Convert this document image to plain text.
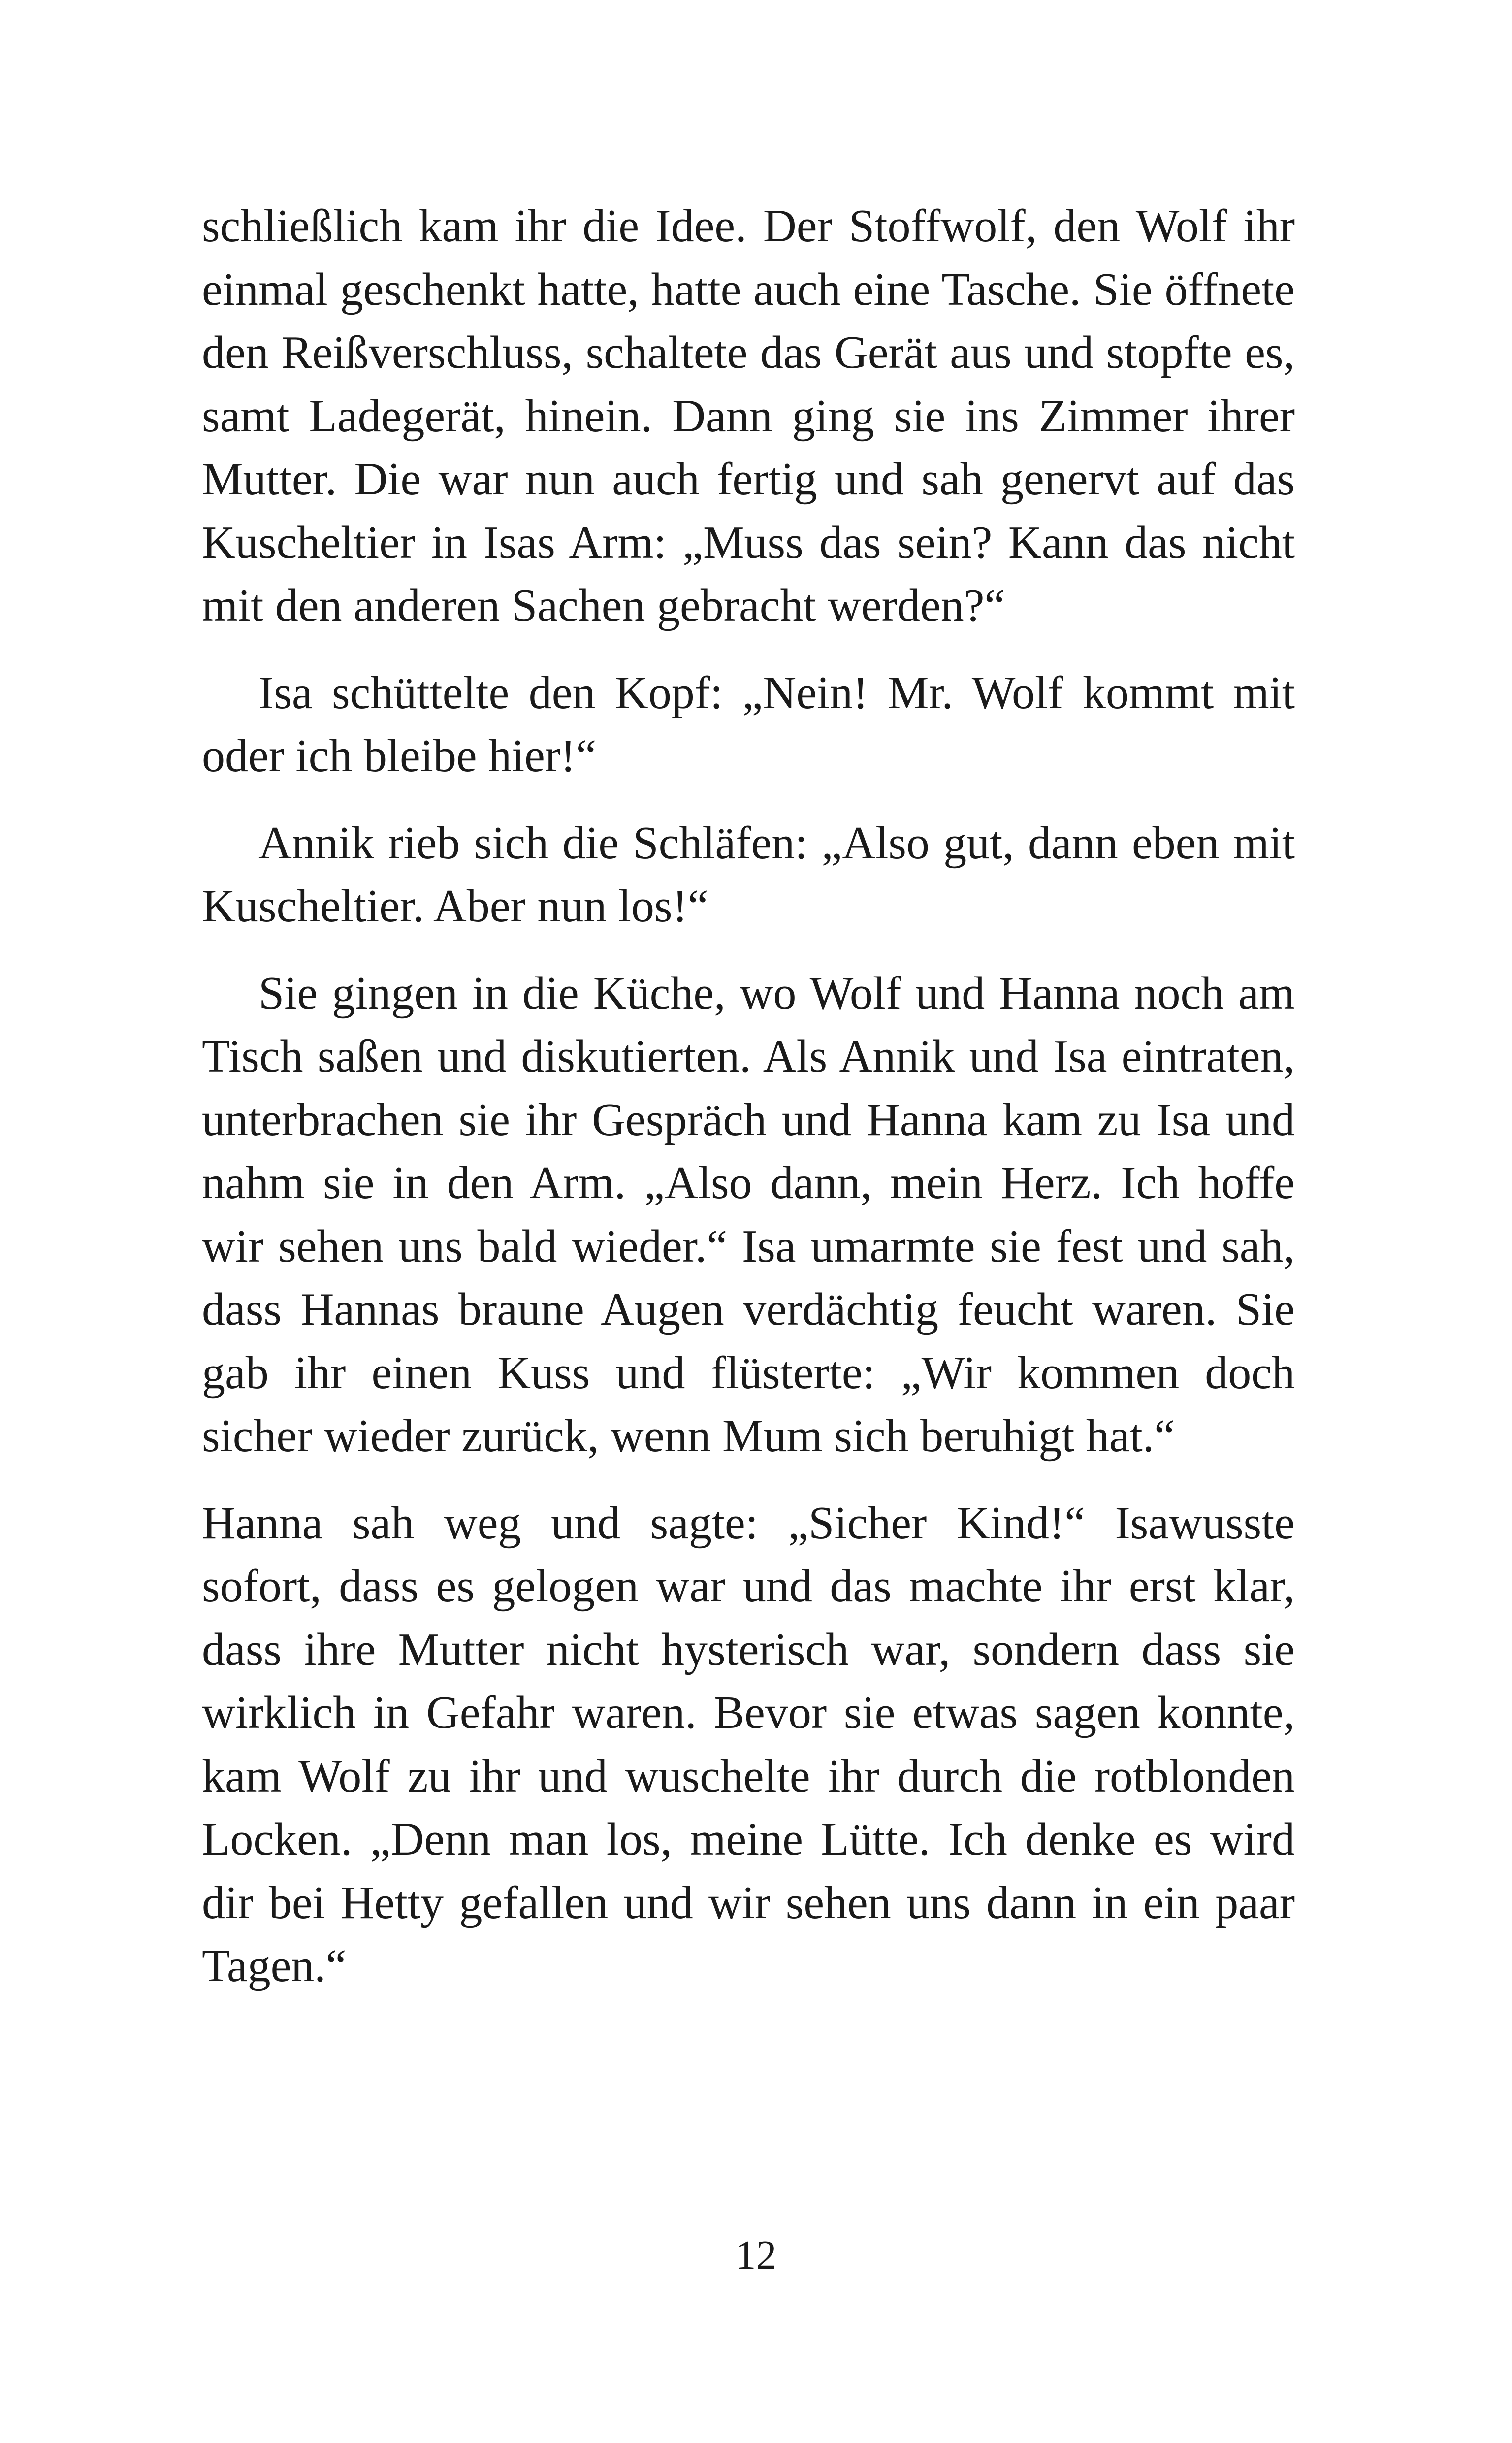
schließlich kam ihr die Idee. Der Stoffwolf, den Wolf ihr einmal geschenkt hatte, hatte auch eine Tasche. Sie öffnete den Reißverschluss, schaltete das Gerät aus und stopfte es, samt Ladegerät, hinein. Dann ging sie ins Zimmer ihrer Mutter. Die war nun auch fertig und sah genervt auf das Kuscheltier in Isas Arm: „Muss das sein? Kann das nicht mit den anderen Sachen gebracht werden?“

Isa schüttelte den Kopf: „Nein! Mr. Wolf kommt mit oder ich bleibe hier!“

Annik rieb sich die Schläfen: „Also gut, dann eben mit Kuscheltier. Aber nun los!“

Sie gingen in die Küche, wo Wolf und Hanna noch am Tisch saßen und diskutierten. Als Annik und Isa eintraten, unterbrachen sie ihr Gespräch und Hanna kam zu Isa und nahm sie in den Arm. „Also dann, mein Herz. Ich hoffe wir sehen uns bald wieder.“ Isa umarmte sie fest und sah, dass Hannas braune Augen verdächtig feucht waren. Sie gab ihr einen Kuss und flüsterte: „Wir kommen doch sicher wieder zurück, wenn Mum sich beruhigt hat.“

Hanna sah weg und sagte: „Sicher Kind!“ Isawusste sofort, dass es gelogen war und das machte ihr erst klar, dass ihre Mutter nicht hysterisch war, sondern dass sie wirklich in Gefahr waren. Bevor sie etwas sagen konnte, kam Wolf zu ihr und wuschelte ihr durch die rotblonden Locken. „Denn man los, meine Lütte. Ich denke es wird dir bei Hetty gefallen und wir sehen uns dann in ein paar Tagen.“

12
